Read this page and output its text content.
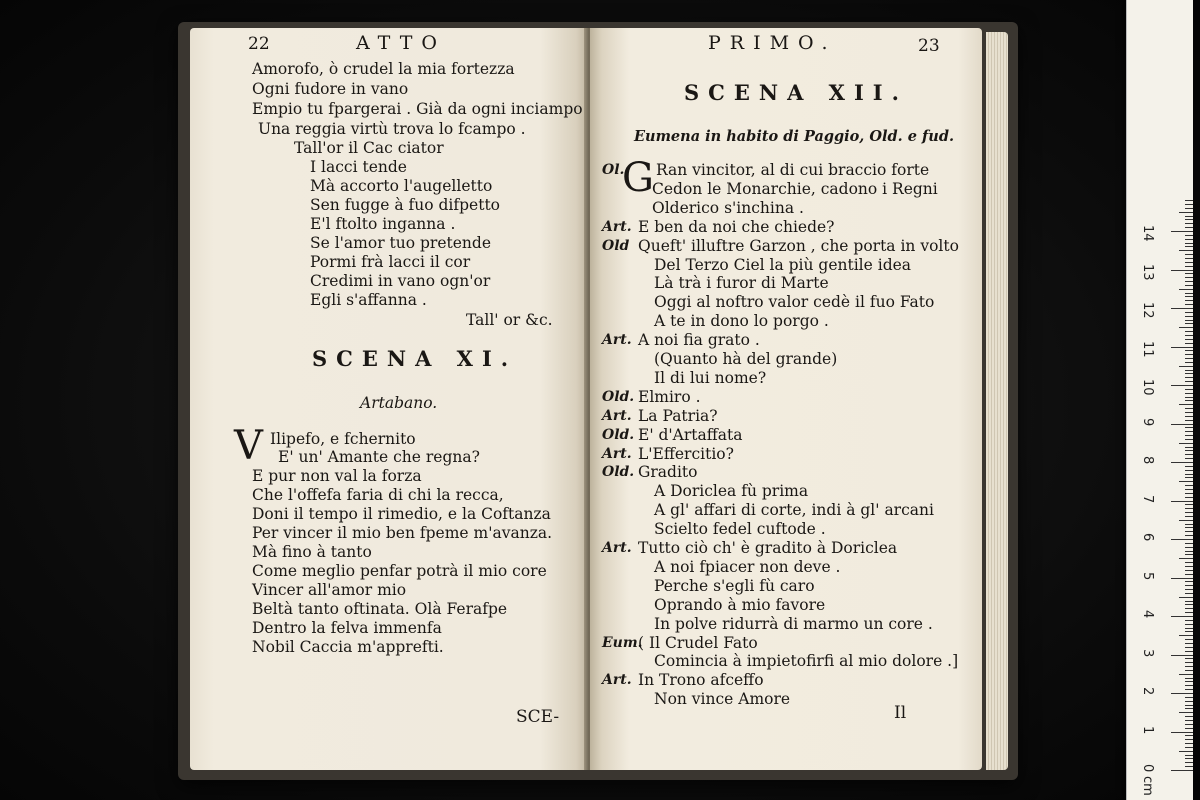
22	ATTO
Amorofo, ò crudel la mia fortezza
Ogni fudore in vano
Empio tu fpargerai . Già da ogni inciampo
Una reggia virtù trova lo fcampo .
Tall'or il Cac ciator
I lacci tende
Mà accorto l'augelletto
Sen fugge à fuo difpetto
E'l ftolto inganna .
Se l'amor tuo pretende
Pormi frà lacci il cor
Credimi in vano ogn'or
Egli s'affanna .
Tall' or &c.
SCENA XI.
Artabano.
V Ilipefo, e fchernito
E' un' Amante che regna?
E pur non val la forza
Che l'offefa faria di chi la recca,
Doni il tempo il rimedio, e la Coftanza
Per vincer il mio ben fpeme m'avanza.
Mà fino à tanto
Come meglio penfar potrà il mio core
Vincer all'amor mio
Beltà tanto oftinata. Olà Ferafpe
Dentro la felva immenfa
Nobil Caccia m'apprefti.
SCE-
PRIMO.	23
SCENA XII.
Eumena in habito di Paggio, Old. e fud.
G
Ol. Ran vincitor, al di cui braccio forte
Cedon le Monarchie, cadono i Regni
Olderico s'inchina .
Art. E ben da noi che chiede?
Old Queft' illuftre Garzon , che porta in volto
Del Terzo Ciel la più gentile idea
Là trà i furor di Marte
Oggi al noftro valor cedè il fuo Fato
A te in dono lo porgo .
Art. A noi fia grato .
(Quanto hà del grande)
Il di lui nome?
Old. Elmiro .
Art. La Patria?
Old. E' d'Artaffata
Art. L'Effercitio?
Old. Gradito
A Doriclea fù prima
A gl' affari di corte, indi à gl' arcani
Scielto fedel cuftode .
Art. Tutto ciò ch' è gradito à Doriclea
A noi fpiacer non deve .
Perche s'egli fù caro
Oprando à mio favore
In polve ridurrà di marmo un core .
Eum.
( Il Crudel Fato
Comincia à impietofirfi al mio dolore .]
Art. In Trono afceffo
Non vince Amore
Il
0
1
2
3
4
5
6
7
8
9
10
11
12
13
14
cm
